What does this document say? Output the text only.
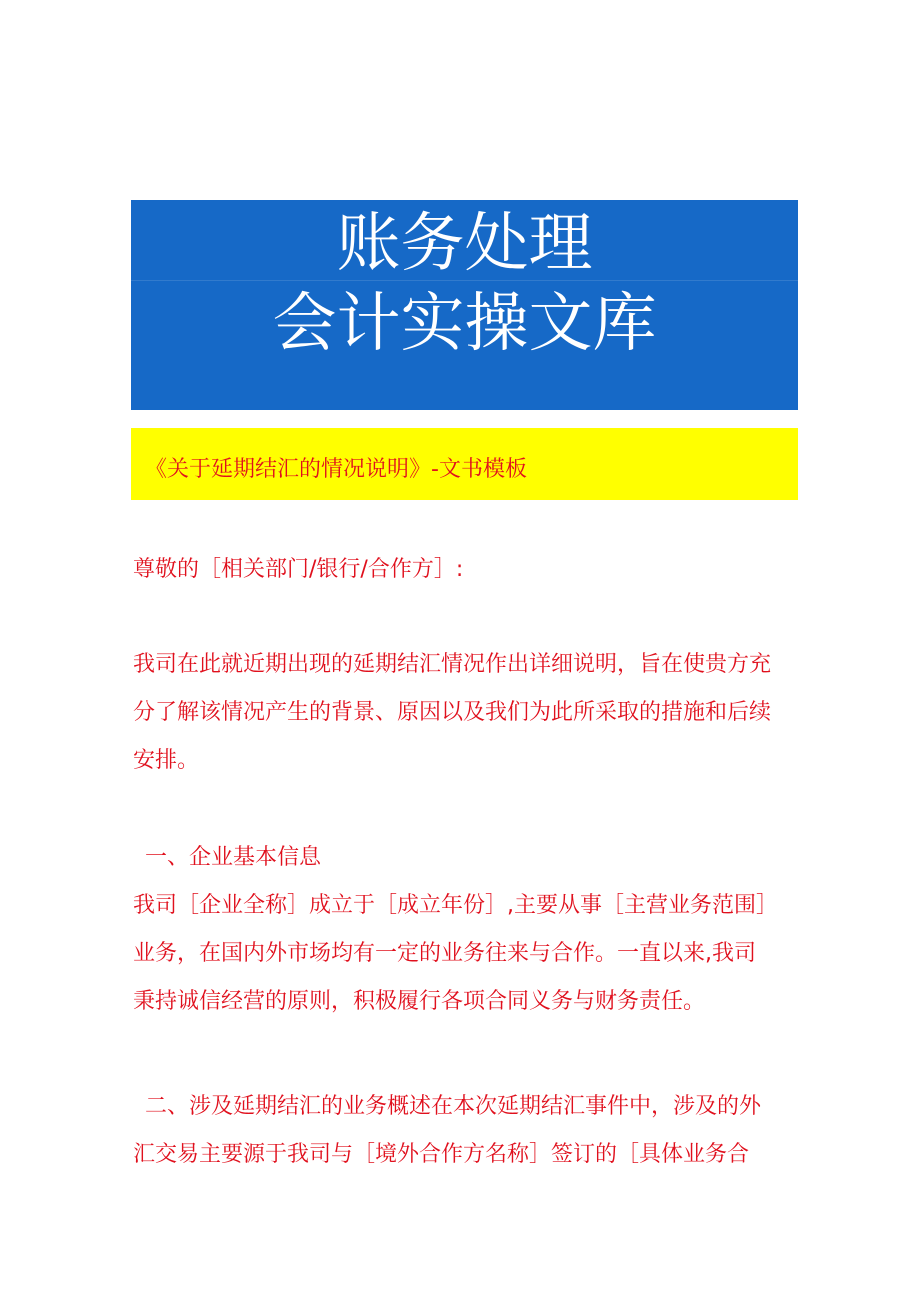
账务处理
会计实操文库
《关于延期结汇的情况说明》-文书模板

尊敬的［相关部门/银行/合作方］:

我司在此就近期出现的延期结汇情况作出详细说明，旨在使贵方充
分了解该情况产生的背景、原因以及我们为此所采取的措施和后续
安排。
一、企业基本信息
我司［企业全称］成立于［成立年份］,主要从事［主营业务范围］
业务，在国内外市场均有一定的业务往来与合作。一直以来,我司
秉持诚信经营的原则，积极履行各项合同义务与财务责任。
二、涉及延期结汇的业务概述在本次延期结汇事件中，涉及的外
汇交易主要源于我司与［境外合作方名称］签订的［具体业务合
